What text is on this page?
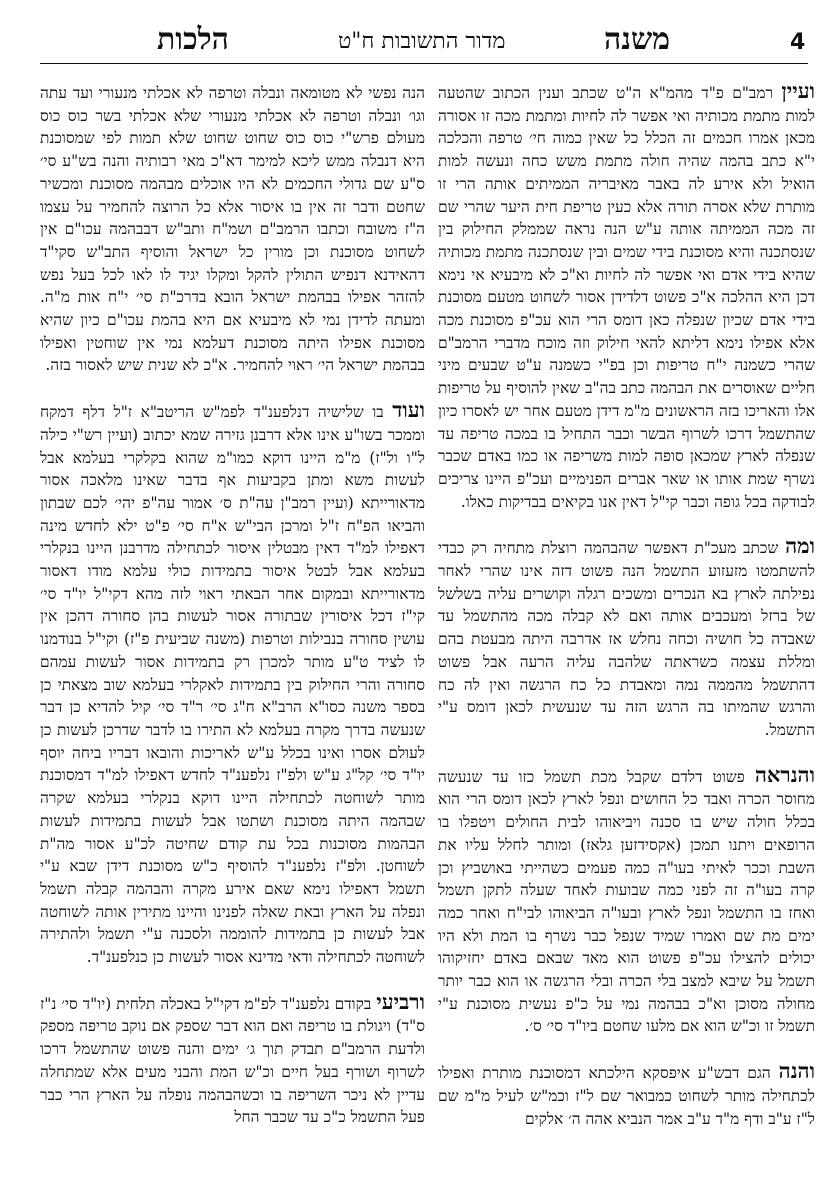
4
משנה
מדור התשובות ח"ט
הלכות

ועיין רמב"ם פ"ד מהמ"א ה"ט שכתב וענין הכתוב שהטעה למות מתמת מכותיה ואי אפשר לה לחיות ומתמת מכה זו אסורה מכאן אמרו חכמים זה הכלל כל שאין כמוה חי׳ טרפה והכלכה י"א כתב בהמה שהיה חולה מתמת משש כחה ונעשה למות הואיל ולא אירע לה באבר מאיבריה הממיתים אותה הרי זו מותרת שלא אסרה תורה אלא כעין טריפת חית היער שהרי שם זה מכה הממיתה אותה ע"ש הנה נראה שממלק החילוק בין שנסתכנה והיא מסוכנת בידי שמים ובין שנסתכנה מתמת מכותיה שהיא בידי אדם ואי אפשר לה לחיות וא"כ לא מיבעיא אי נימא דכן היא ההלכה א"כ פשוט דלדידן אסור לשחוט מטעם מסוכנת בידי אדם שכיון שנפלה כאן דומס הרי הוא עכ"פ מסוכנת מכה אלא אפילו נימא דליתא להאי חילוק וזה מוכח מדברי הרמב"ם שהרי כשמנה י"ח טריפות וכן בפ"י כשמנה ע"ט שבעים מיני חליים שאוסרים את הבהמה כתב בה"ב שאין להוסיף על טריפות אלו והאריכו בזה הראשונים מ"מ דידן מטעם אחר יש לאסרו כיון שהתשמל דרכו לשרוף הבשר וכבר התחיל בו במכה טריפה עד שנפלה לארץ שמכאן סופה למות משריפה או כמו באדם שכבר נשרף שמת אותו או שאר אברים הפנימיים ועכ"פ היינו צריכים לבודקה בכל גופה וכבר קי"ל דאין אנו בקיאים בבדיקות כאלו.

ומה שכתב מעכ"ת דאפשר שהבהמה רוצלת מתחיה רק כבדי להשתמטו מזעזוע התשמל הנה פשוט דזה אינו שהרי לאחר נפילתה לארץ בא הנכרים ומשכים רגלה וקושרים עליה בשלשל של ברזל ומעכבים אותה ואם לא קבלה מכה מהתשמל עד שאבדה כל חושיה וכחה נחלש אז אדרבה היתה מבעטת בהם ומללת עצמה כשראתה שלהבה עליה הרעה אבל פשוט דהתשמל מהממה נמה ומאבדת כל כח הרגשה ואין לה כח והרגש שהמיתו בה הרגש הזה עד שנעשית לכאן דומס ע"י התשמל.

והנראה פשוט דלדם שקבל מכת תשמל כזו עד שנעשה מחוסר הכרה ואבד כל החושים ונפל לארץ לכאן דומס הרי הוא בכלל חולה שיש בו סכנה ויביאוהו לבית החולים ויטפלו בו הרופאים ויתנו תמכן (אקסידזען גלאז) ומותר לחלל עליו את השבת וככר לאיתי בעו"ה כמה פעמים כשהייתי באושביץ וכן קרה בעו"ה זה לפני כמה שבועות לאחד שעלה לתקן תשמל ואחז בו התשמל ונפל לארץ ובעו"ה הביאוהו לבי"ח ואחר כמה ימים מת שם ואמרו שמיד שנפל כבר נשרף בו המת ולא היו יכולים להצילו עכ"פ פשוט הוא מאד שבאם באדם יחזיקוהו תשמל על שיבא למצב בלי הכרה ובלי הרגשה או הוא כבר יותר מחולה מסוכן וא"כ בבהמה נמי על כ"פ נעשית מסוכנת ע"י תשמל זו וכ"ש הוא אם מלעו שחטם ביו"ד סי׳ ס׳.

והנה הגם דבש"ע איפסקא הילכתא דמסוכנת מותרת ואפילו לכתחילה מותר לשחוט כמבואר שם ל"ז וכמ"ש לעיל מ"מ שם ל"ז ע"ב ודף מ"ד ע"ב אמר הנביא אהה ה׳ אלקים

הנה נפשי לא מטומאה ונבלה וטרפה לא אכלתי מנעורי ועד עתה וגו׳ ונבלה וטרפה לא אכלתי מנעורי שלא אכלתי בשר כוס כוס מעולם פרש"י כוס כוס שחוט שחוט שלא תמות לפי שמסוכנת היא דנבלה ממש ליכא למימר דא"כ מאי רבותיה והנה בש"ע סי׳ ס"ע שם גדולי החכמים לא היו אוכלים מבהמה מסוכנת ומכשיר שחטם ודבר זה אין בו איסור אלא כל הרוצה להחמיר על עצמו ה"ז משובח וכתבו הרמב"ם ושמ"ח ותב"ש דבבהמה עכו"ם אין לשחוט מסוכנת וכן מורין כל ישראל והוסיף התב"ש סקי"ד דהאידנא דנפיש התולין להקל ומקלו יגיד לו לאו לכל בעל נפש להזהר אפילו בבהמת ישראל הובא בדרכ"ת סי׳ י"ח אות מ"ה. ומעתה לדידן נמי לא מיבעיא אם היא בהמת עכו"ם כיון שהיא מסוכנת אפילו היתה מסוכנת דעלמא נמי אין שוחטין ואפילו בבהמת ישראל הי׳ ראוי להחמיר. א"כ לא שנית שיש לאסור בזה.

ועוד בו שלישיה דנלפענ"ד לפמ"ש הריטב"א ז"ל דלף דמקח וממכר בשו"ע אינו אלא דרבנן גזירה שמא יכתוב (ועיין רש"י כילה ל"ו ול"ז) מ"מ היינו דוקא כמו"מ שהוא בקלקרי בעלמא אבל לעשות משא ומתן בקביעות אף בדבר שאינו מלאכה אסור מדאורייתא (ועיין רמב"ן עה"ת ס׳ אמור עה"פ יהי׳ לכם שבתון והביאו הפ"ח ז"ל ומרכן הבי"ש א"ח סי׳ פ"ט ילא לחדש מינה דאפילו למ"ד דאין מבטלין איסור לכתחילה מדרבנן היינו בנקלרי בעלמא אבל לבטל איסור בתמידות כולי עלמא מודו דאסור מדאורייתא ובמקום אחר הבאתי ראוי לזה מהא דקי"ל יו"ד סי׳ קי"ז דכל איסורין שבתורה אסור לעשות בהן סחורה דהכן אין עושין סחורה בנבילות וטרפות (משנה שביעית פ"ז) וקי"ל בנודמנו לו לציד ט"ע מותר למכרן רק בתמידות אסור לעשות עמהם סחורה והרי החילוק בין בתמידות לאקלרי בעלמא שוב מצאתי כן בספר משנה כסו"א הרב"א ח"ג סי׳ ר"ד סי׳ קיל להדיא כן דבר שנעשה בדרך מקרה בעלמא לא התירו בו לדבר שדרכן לעשות כן לעולם אסרו ואינו בכלל ע"ש לאריכות והובאו דבריו ביחה יוסף יו"ד סי׳ קל"ג ע"ש ולפ"ז נלפענ"ד לחדש דאפילו למ"ד דמסוכנת מותר לשוחטה לכתחילה היינו דוקא בנקלרי בעלמא שקרה שבהמה היתה מסוכנת ושתטו אבל לעשות בתמידות לעשות הבהמות מסוכנות בכל עת קודם שחיטה לכ"ע אסור מה"ת לשוחטן. ולפ"ז נלפענ"ד להוסיף כ"ש מסוכנת דידן שבא ע"י תשמל דאפילו נימא שאם אירע מקרה והבהמה קבלה תשמל ונפלה על הארץ ובאת שאלה לפנינו והיינו מתירין אותה לשוחטה אבל לעשות כן בתמידות להוממה ולסכנה ע"י תשמל ולהתירה לשוחטה לכתחילה ודאי מדינא אסור לעשות כן כנלפענ"ד.

ורביעי בקודם נלפענ"ד לפ"מ דקי"ל באכלה תלחית (יו"ד סי׳ נ"ז ס"ד) ויגולת בו טריפה ואם הוא דבר שספק אם נוקב טריפה מספק ולדעת הרמב"ם תבדק תוך ג׳ ימים והנה פשוט שהתשמל דרכו לשרוף ושורף בעל חיים וכ"ש המת והבני מעים אלא שמתחלה עדיין לא ניכר השריפה בו וכשהבהמה נופלה על הארץ הרי כבר פעל התשמל כ"כ עד שכבר החל
